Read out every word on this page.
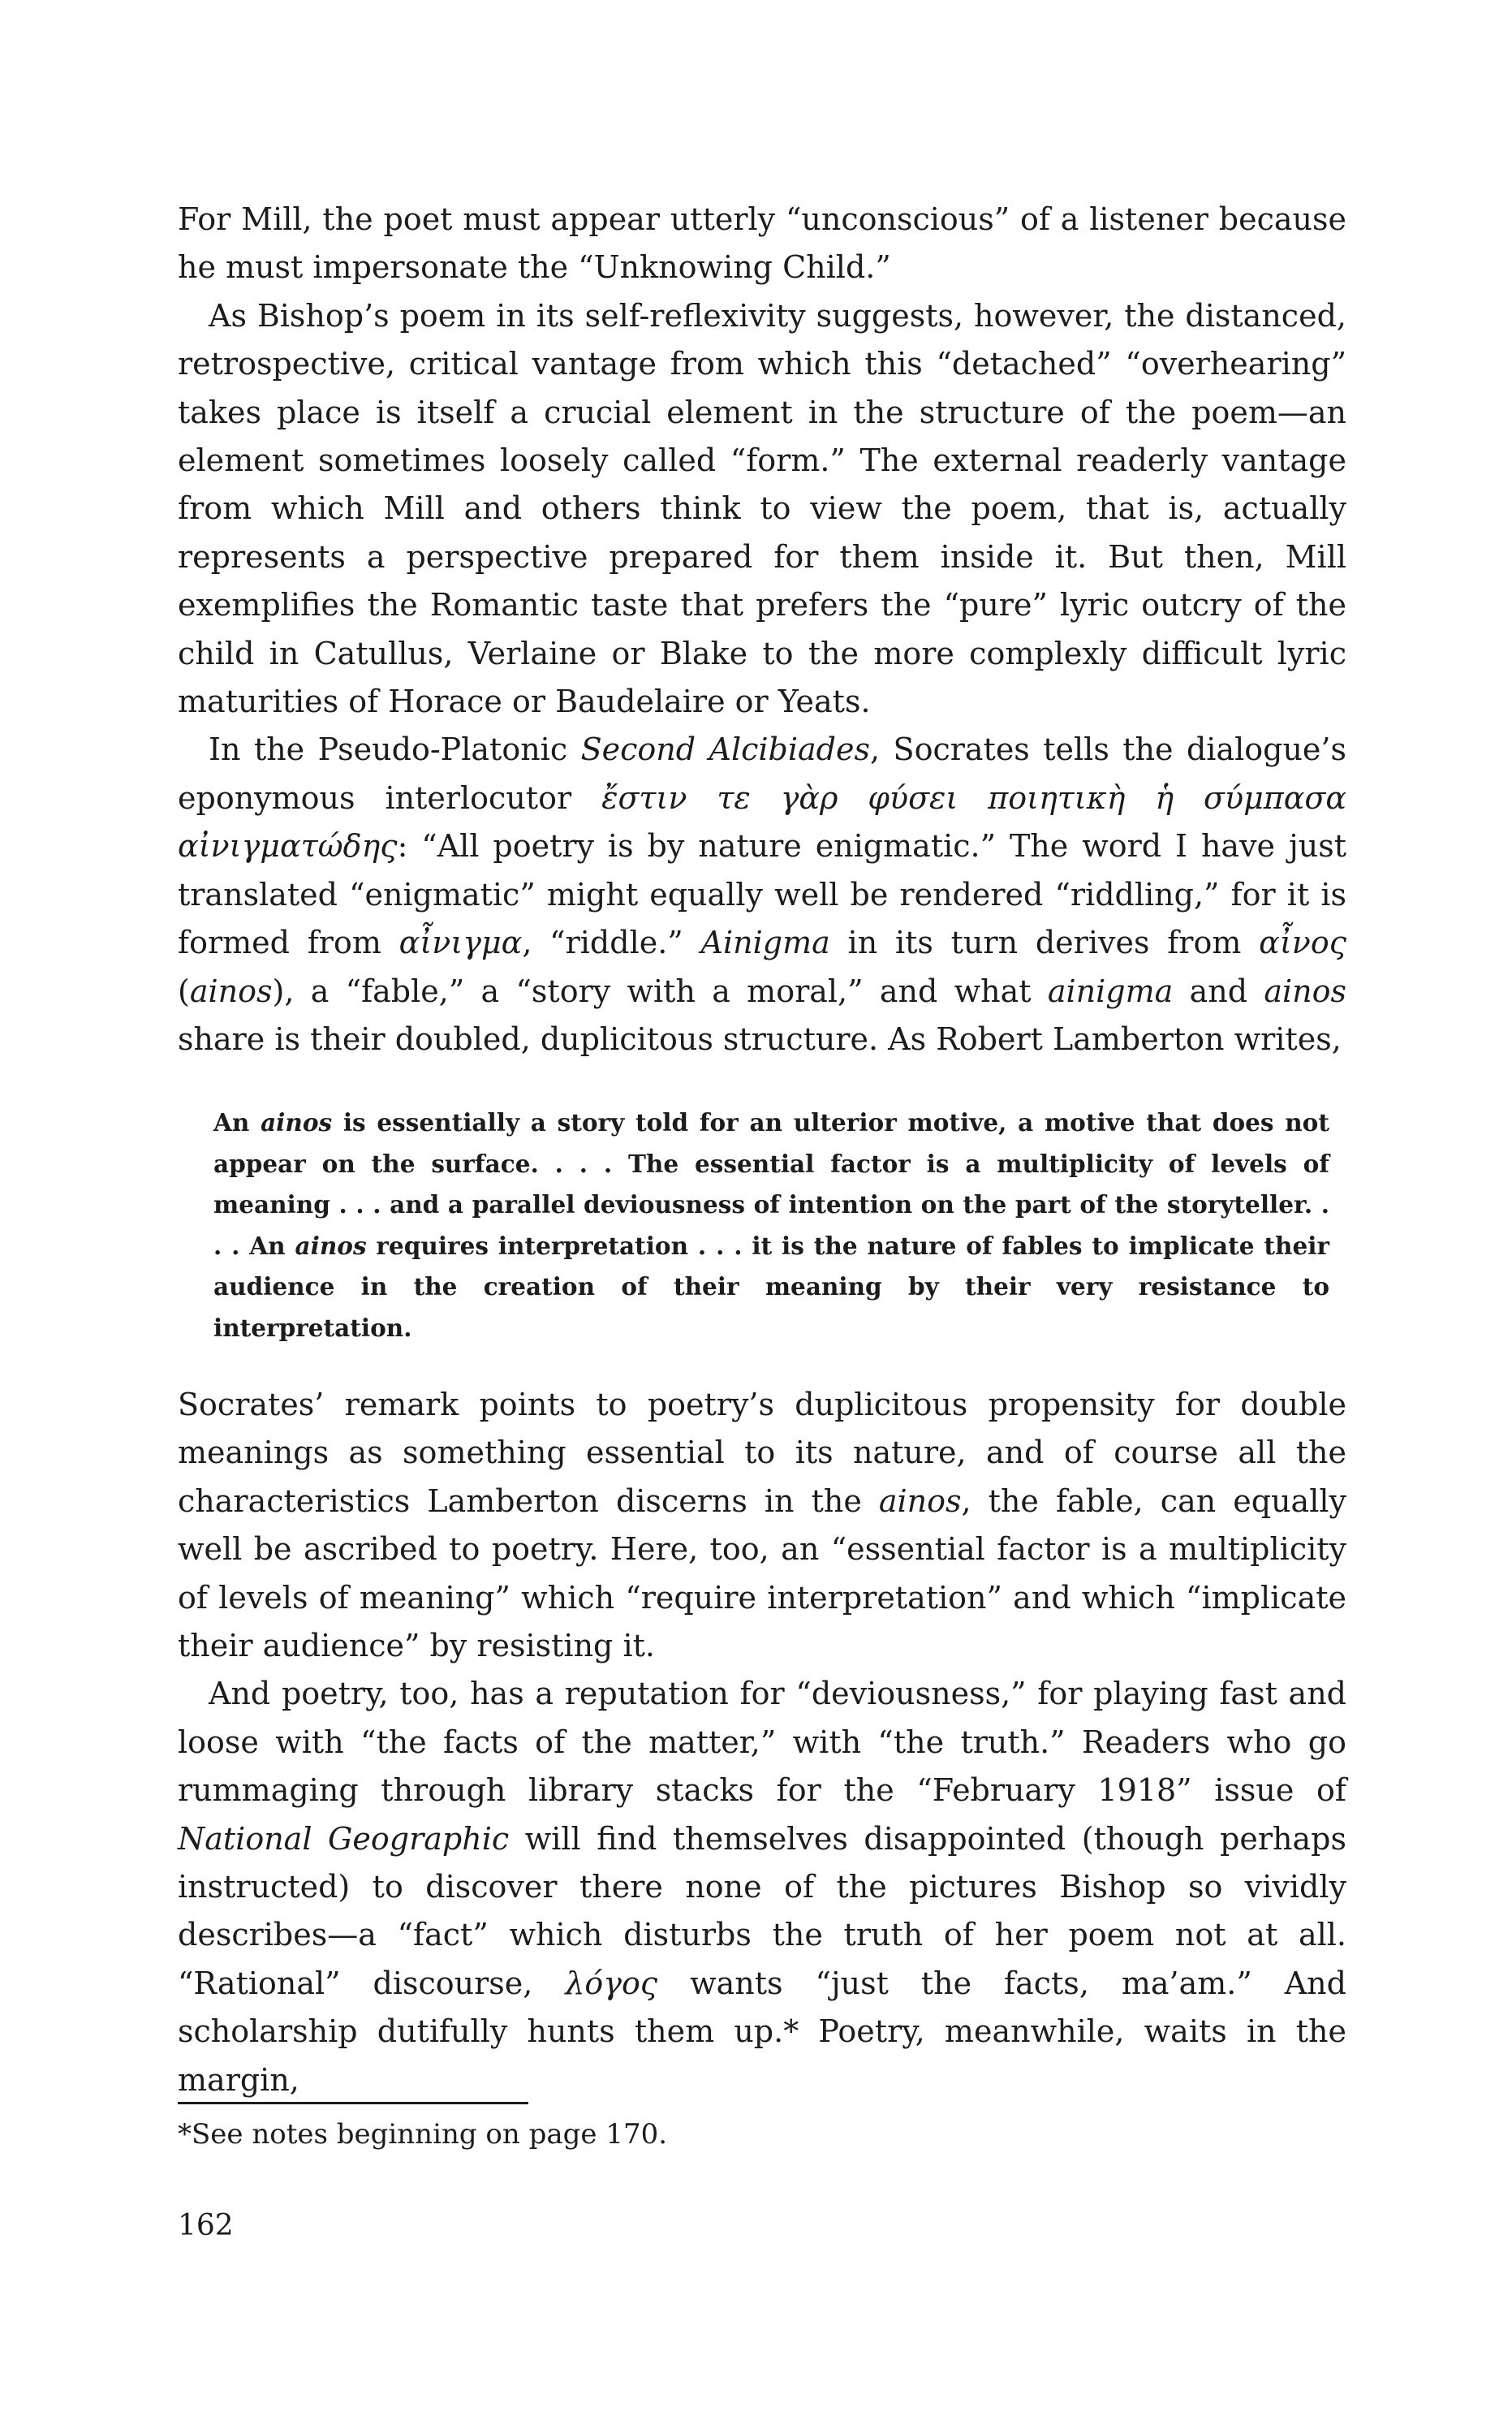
For Mill, the poet must appear utterly “unconscious” of a listener because he must impersonate the “Unknowing Child.”

As Bishop’s poem in its self-reflexivity suggests, however, the distanced, retrospective, critical vantage from which this “detached” “overhearing” takes place is itself a crucial element in the structure of the poem—an element sometimes loosely called “form.” The external readerly vantage from which Mill and others think to view the poem, that is, actually represents a perspective prepared for them inside it. But then, Mill exemplifies the Romantic taste that prefers the “pure” lyric outcry of the child in Catullus, Verlaine or Blake to the more complexly difficult lyric maturities of Horace or Baudelaire or Yeats.

In the Pseudo-Platonic Second Alcibiades, Socrates tells the dialogue’s eponymous interlocutor ἔστιν τε γὰρ φύσει ποιητικὴ ἡ σύμπασα αἰνιγματώδης: “All poetry is by nature enigmatic.” The word I have just translated “enigmatic” might equally well be rendered “riddling,” for it is formed from αἶνιγμα, “riddle.” Ainigma in its turn derives from αἶνος (ainos), a “fable,” a “story with a moral,” and what ainigma and ainos share is their doubled, duplicitous structure. As Robert Lamberton writes,

An ainos is essentially a story told for an ulterior motive, a motive that does not appear on the surface. . . . The essential factor is a multiplicity of levels of meaning . . . and a parallel deviousness of intention on the part of the storyteller. . . . An ainos requires interpretation . . . it is the nature of fables to implicate their audience in the creation of their meaning by their very resistance to interpretation.

Socrates’ remark points to poetry’s duplicitous propensity for double meanings as something essential to its nature, and of course all the characteristics Lamberton discerns in the ainos, the fable, can equally well be ascribed to poetry. Here, too, an “essential factor is a multiplicity of levels of meaning” which “require interpretation” and which “implicate their audience” by resisting it.

And poetry, too, has a reputation for “deviousness,” for playing fast and loose with “the facts of the matter,” with “the truth.” Readers who go rummaging through library stacks for the “February 1918” issue of National Geographic will find themselves disappointed (though perhaps instructed) to discover there none of the pictures Bishop so vividly describes—a “fact” which disturbs the truth of her poem not at all. “Rational” discourse, λόγος wants “just the facts, ma’am.” And scholarship dutifully hunts them up.* Poetry, meanwhile, waits in the margin,

*See notes beginning on page 170.

162
